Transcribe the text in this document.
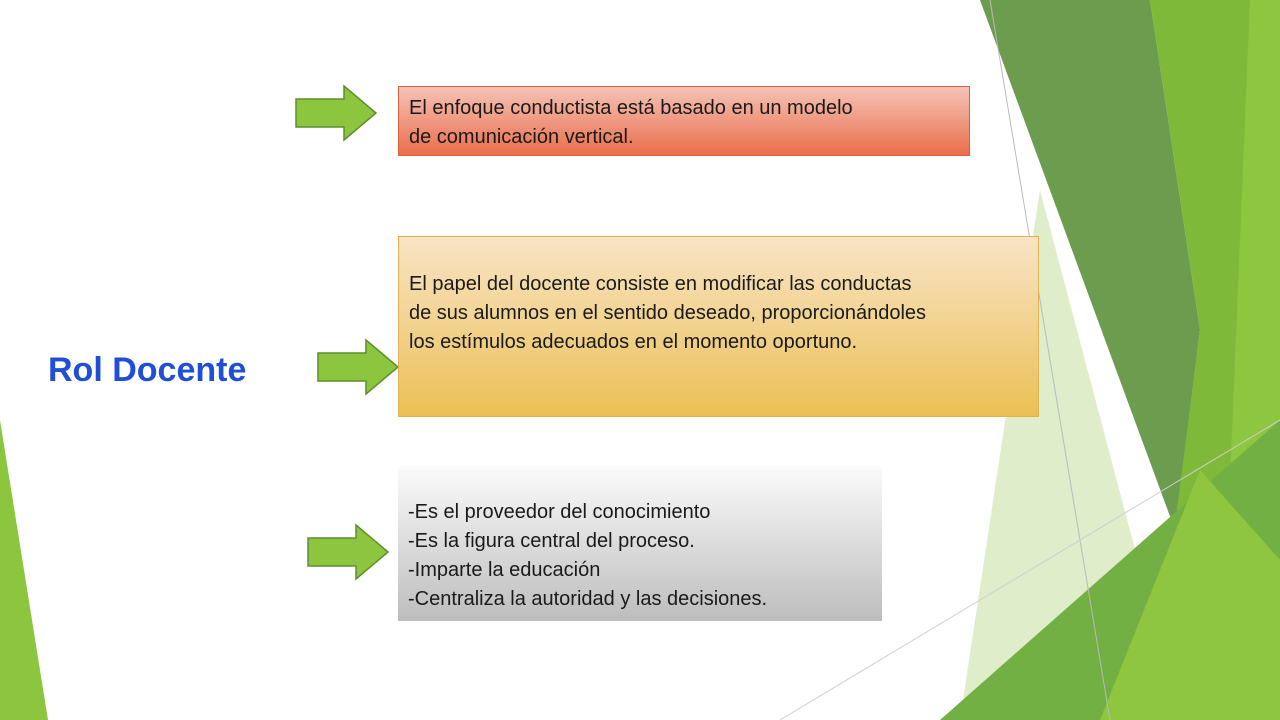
Rol Docente
El enfoque conductista está basado en un modelo
de comunicación vertical.
El papel del docente consiste en modificar las conductas
de sus alumnos en el sentido deseado, proporcionándoles
los estímulos adecuados en el momento oportuno.
-Es el proveedor del conocimiento
-Es la figura central del proceso.
-Imparte la educación
-Centraliza la autoridad y las decisiones.
